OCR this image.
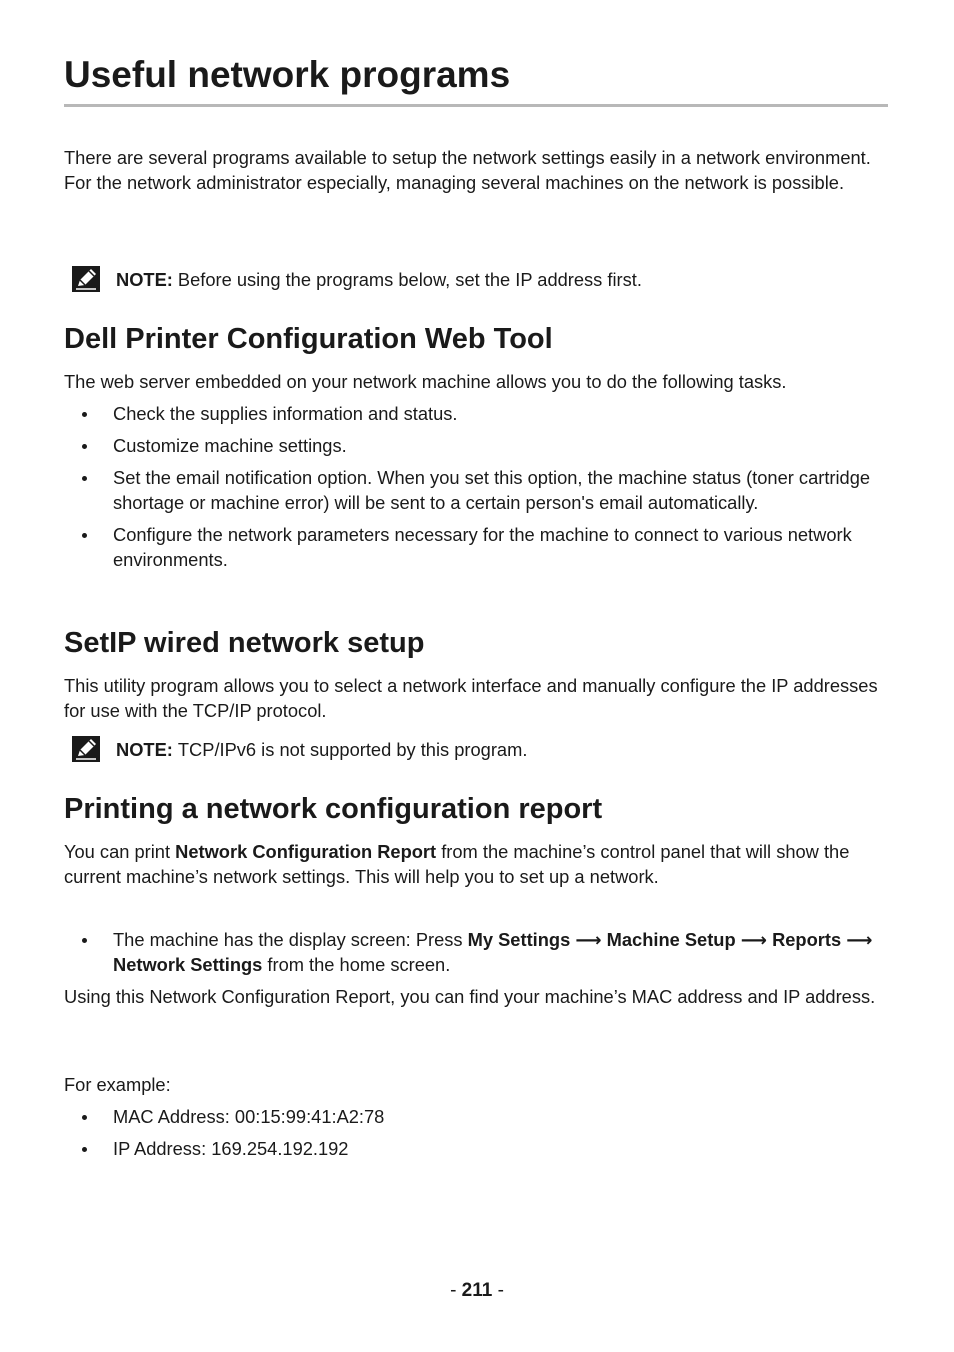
Useful network programs

There are several programs available to setup the network settings easily in a network environment. For the network administrator especially, managing several machines on the network is possible.

NOTE: Before using the programs below, set the IP address first.
Dell Printer Configuration Web Tool

The web server embedded on your network machine allows you to do the following tasks.

Check the supplies information and status.
Customize machine settings.
Set the email notification option. When you set this option, the machine status (toner cartridge shortage or machine error) will be sent to a certain person's email automatically.
Configure the network parameters necessary for the machine to connect to various network environments.
SetIP wired network setup

This utility program allows you to select a network interface and manually configure the IP addresses for use with the TCP/IP protocol.

NOTE: TCP/IPv6 is not supported by this program.
Printing a network configuration report

You can print Network Configuration Report from the machine’s control panel that will show the current machine’s network settings. This will help you to set up a network.

The machine has the display screen: Press My Settings ⟶ Machine Setup ⟶ Reports ⟶ Network Settings from the home screen.

Using this Network Configuration Report, you can find your machine’s MAC address and IP address.

For example:

MAC Address: 00:15:99:41:A2:78
IP Address: 169.254.192.192
- 211 -
